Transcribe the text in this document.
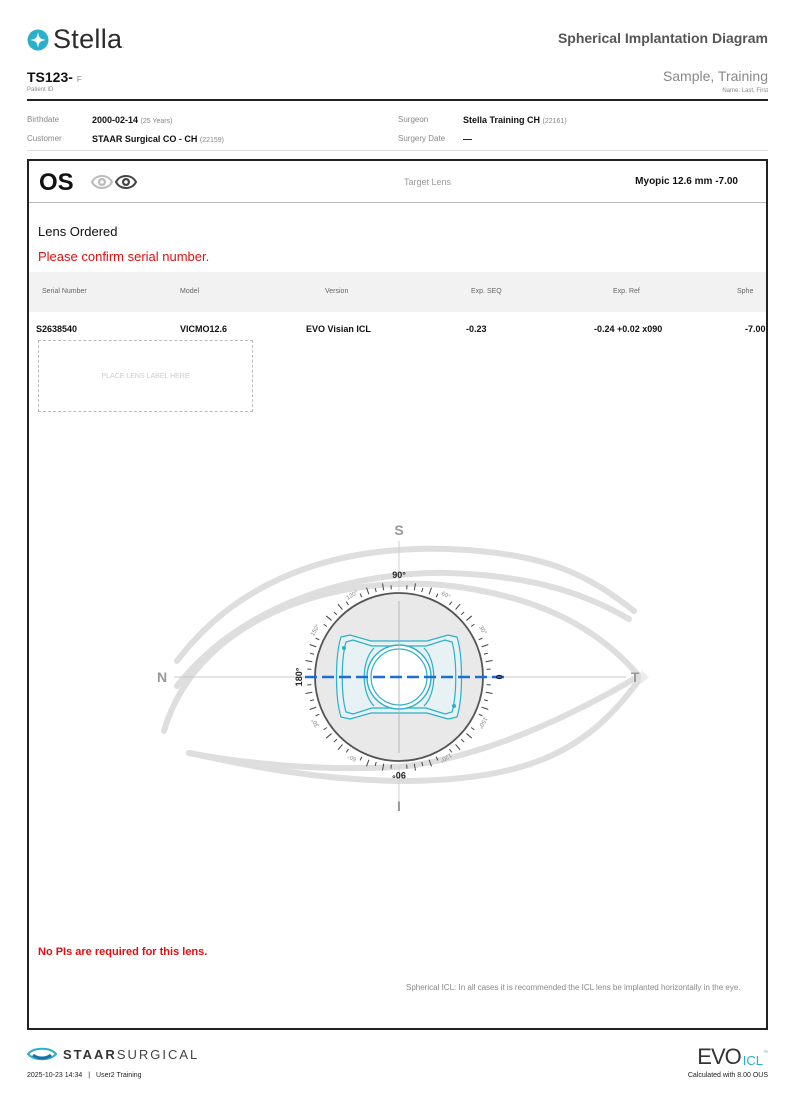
Stella .
Spherical Implantation Diagram
TS123- F
Patient ID
Sample, Training
Name: Last, First
Birthdate	2000-02-14 (25 Years)
Customer	STAAR Surgical CO - CH (22159)
Surgeon	Stella Training CH (22161)
Surgery Date —
OS	Target Lens	Myopic 12.6 mm -7.00
Lens Ordered
Please confirm serial number.
Serial Number	Model	Version	Exp. SEQ	Exp. Ref	Sphe
S2638540	VICMO12.6	EVO Visian ICL	-0.23	-0.24 +0.02 x090	-7.00
PLACE LENS LABEL HERE
S
I
N	T
90°
90°
180°	0
120°	60°
150°	30°
30°	150°
60°	120°
No PIs are required for this lens.
Spherical ICL: In all cases it is recommended the ICL lens be implanted horizontally in the eye.
STAARSURGICAL
2025-10-23 14:34 | User2 Training
EVO ICL ™
Calculated with 8.00 OUS
